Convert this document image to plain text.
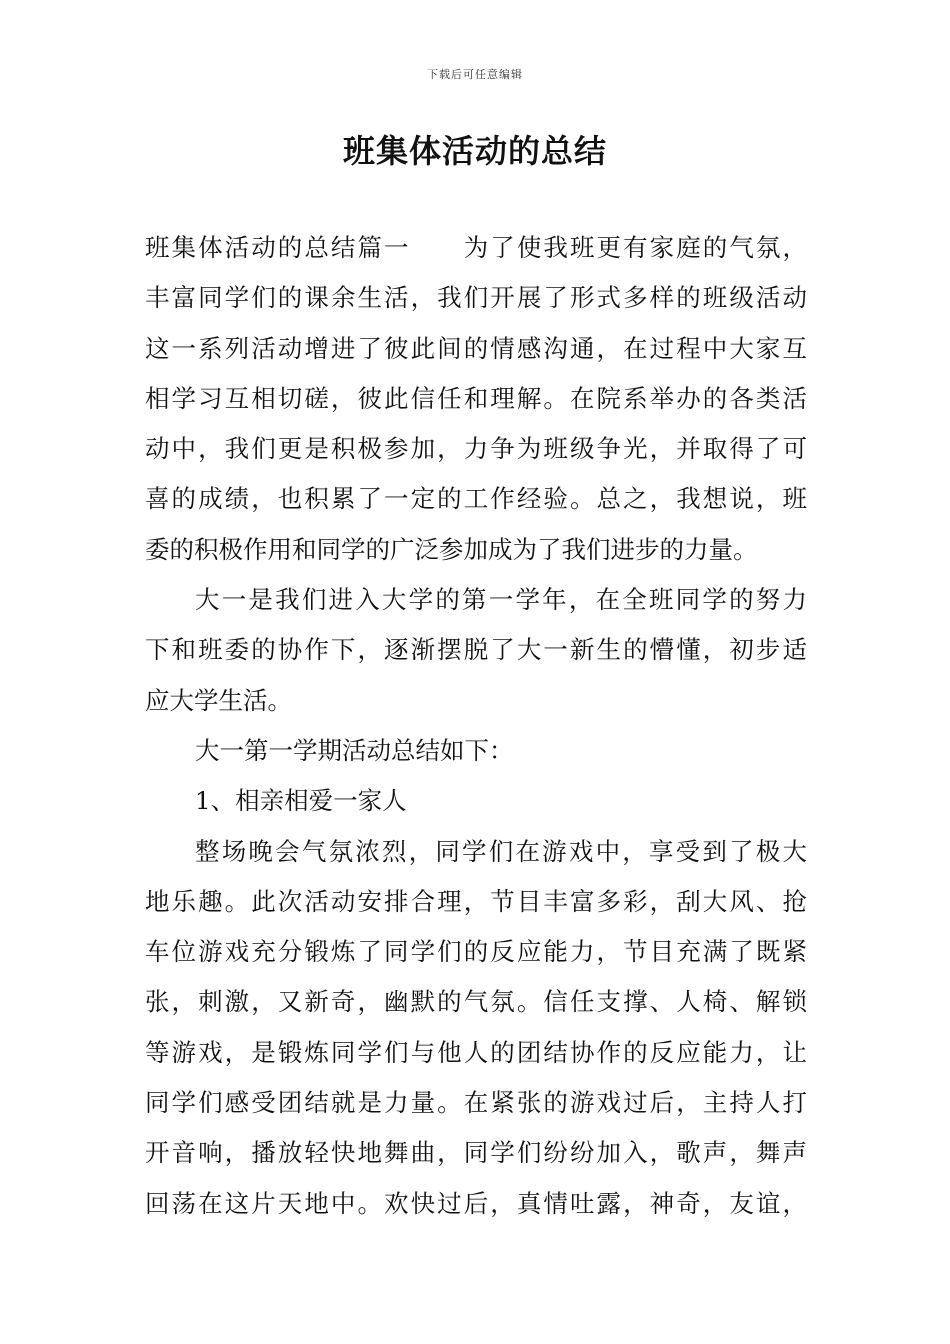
下载后可任意编辑
班集体活动的总结
班集体活动的总结篇一　　为了使我班更有家庭的气氛，
丰富同学们的课余生活，我们开展了形式多样的班级活动
这一系列活动增进了彼此间的情感沟通，在过程中大家互
相学习互相切磋，彼此信任和理解。在院系举办的各类活
动中，我们更是积极参加，力争为班级争光，并取得了可
喜的成绩，也积累了一定的工作经验。总之，我想说，班
委的积极作用和同学的广泛参加成为了我们进步的力量。
大一是我们进入大学的第一学年，在全班同学的努力
下和班委的协作下，逐渐摆脱了大一新生的懵懂，初步适
应大学生活。
大一第一学期活动总结如下：
1、相亲相爱一家人
整场晚会气氛浓烈，同学们在游戏中，享受到了极大
地乐趣。此次活动安排合理，节目丰富多彩，刮大风、抢
车位游戏充分锻炼了同学们的反应能力，节目充满了既紧
张，刺激，又新奇，幽默的气氛。信任支撑、人椅、解锁
等游戏，是锻炼同学们与他人的团结协作的反应能力，让
同学们感受团结就是力量。在紧张的游戏过后，主持人打
开音响，播放轻快地舞曲，同学们纷纷加入，歌声，舞声
回荡在这片天地中。欢快过后，真情吐露，神奇，友谊，
